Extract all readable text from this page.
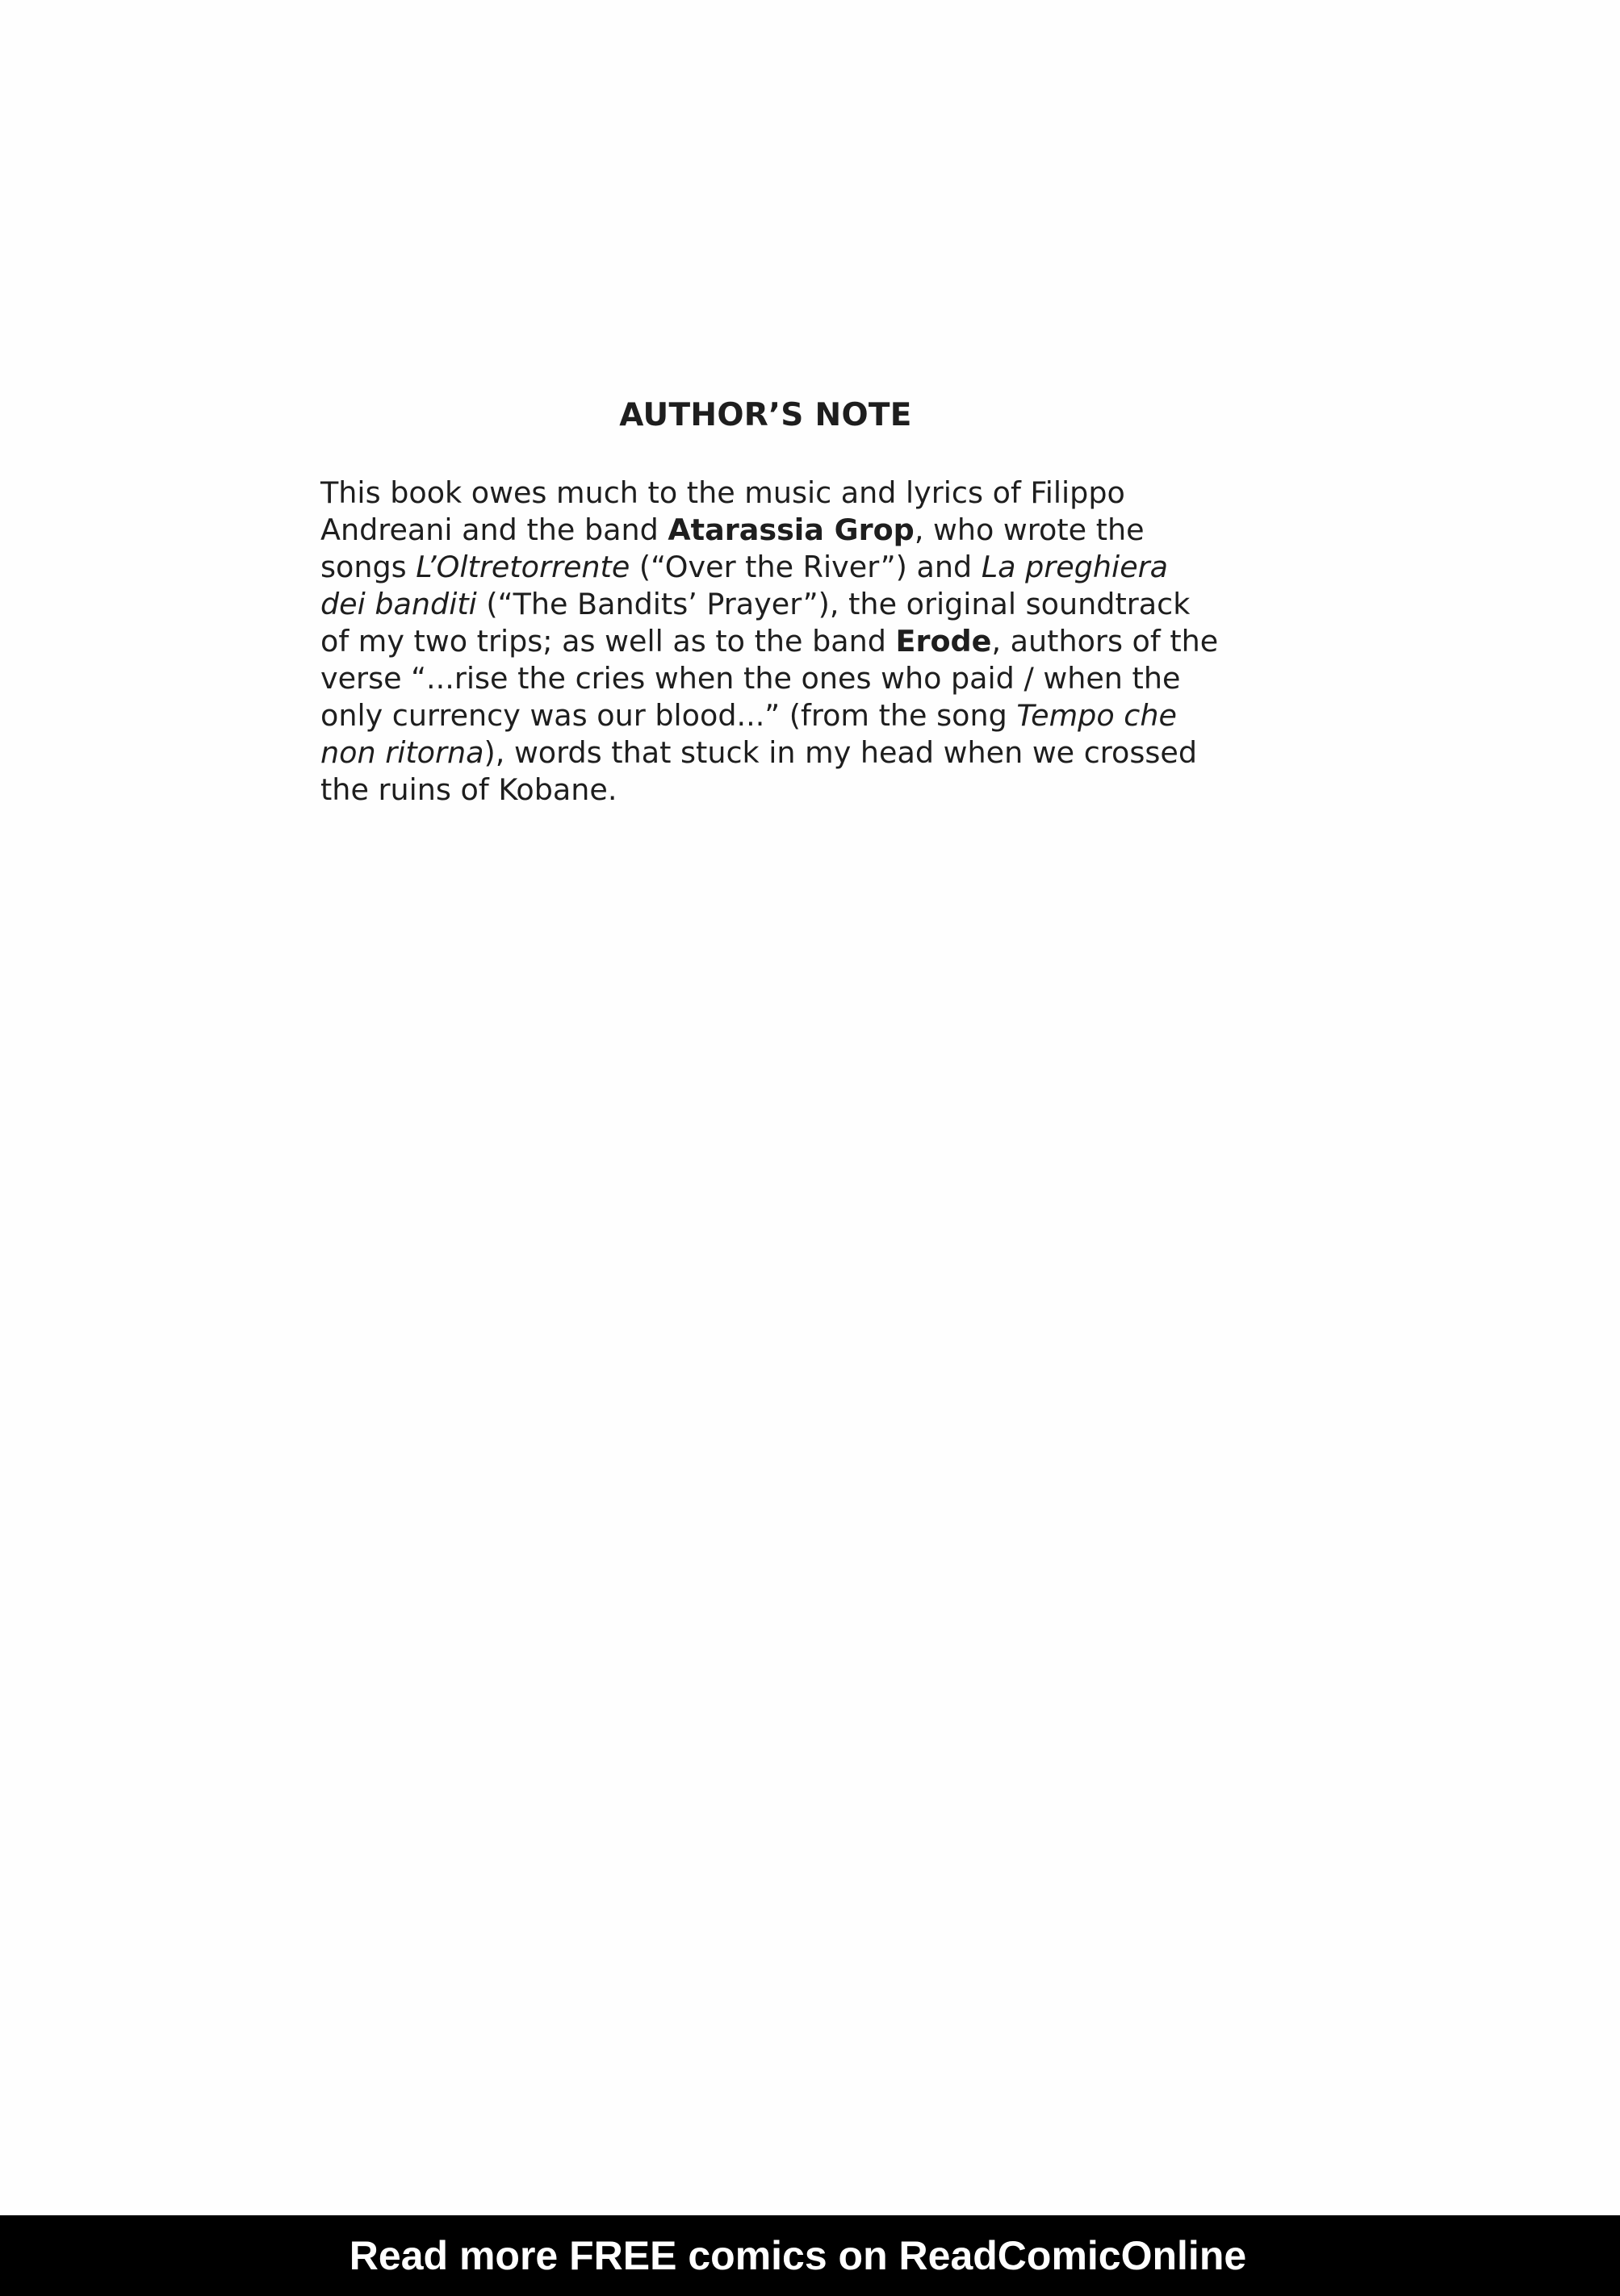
AUTHOR’S NOTE

This book owes much to the music and lyrics of Filippo
Andreani and the band Atarassia Grop, who wrote the
songs L’Oltretorrente (“Over the River”) and La preghiera
dei banditi (“The Bandits’ Prayer”), the original soundtrack
of my two trips; as well as to the band Erode, authors of the
verse “...rise the cries when the ones who paid / when the
only currency was our blood...” (from the song Tempo che
non ritorna), words that stuck in my head when we crossed
the ruins of Kobane.

Read more FREE comics on ReadComicOnline
